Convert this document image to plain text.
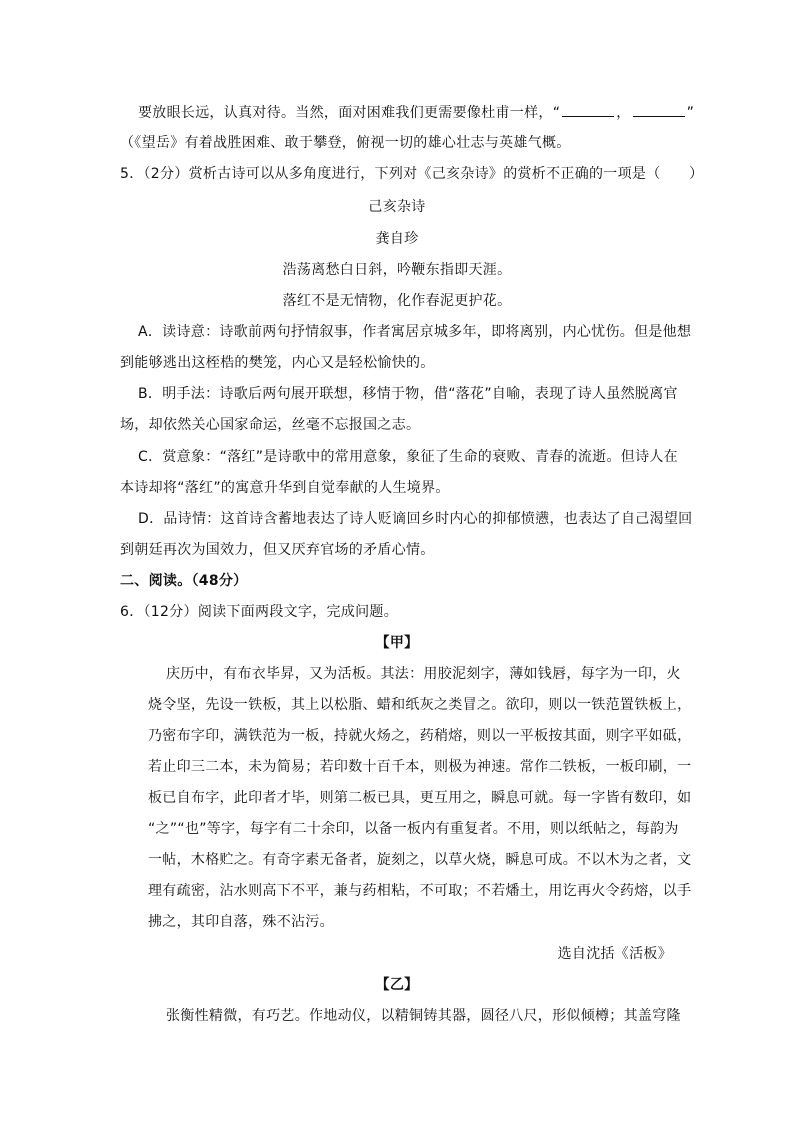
要放眼长远，认真对待。当然，面对困难我们更需要像杜甫一样，“	，	”
（《望岳》有着战胜困难、敢于攀登，俯视一切的雄心壮志与英雄气概。
5．（2分）赏析古诗可以从多角度进行，下列对《己亥杂诗》的赏析不正确的一项是（　　）
己亥杂诗
龚自珍
浩荡离愁白日斜，吟鞭东指即天涯。
落红不是无情物，化作春泥更护花。
A．读诗意：诗歌前两句抒情叙事，作者寓居京城多年，即将离别，内心忧伤。但是他想
到能够逃出这桎梏的樊笼，内心又是轻松愉快的。
B．明手法：诗歌后两句展开联想，移情于物，借“落花”自喻，表现了诗人虽然脱离官
场，却依然关心国家命运，丝毫不忘报国之志。
C．赏意象：“落红”是诗歌中的常用意象，象征了生命的衰败、青春的流逝。但诗人在
本诗却将“落红”的寓意升华到自觉奉献的人生境界。
D．品诗情：这首诗含蓄地表达了诗人贬谪回乡时内心的抑郁愤懑，也表达了自己渴望回
到朝廷再次为国效力，但又厌弃官场的矛盾心情。
二、阅读。（48分）
6．（12分）阅读下面两段文字，完成问题。
【甲】
庆历中，有布衣毕昇，又为活板。其法：用胶泥刻字，薄如钱唇，每字为一印，火
烧令坚，先设一铁板，其上以松脂、蜡和纸灰之类冒之。欲印，则以一铁范置铁板上，
乃密布字印，满铁范为一板，持就火炀之，药稍熔，则以一平板按其面，则字平如砥，
若止印三二本，未为简易；若印数十百千本，则极为神速。常作二铁板，一板印刷，一
板已自布字，此印者才毕，则第二板已具，更互用之，瞬息可就。每一字皆有数印，如
“之”“也”等字，每字有二十余印，以备一板内有重复者。不用，则以纸帖之，每韵为
一帖，木格贮之。有奇字素无备者，旋刻之，以草火烧，瞬息可成。不以木为之者，文
理有疏密，沾水则高下不平，兼与药相粘，不可取；不若燔土，用讫再火令药熔，以手
拂之，其印自落，殊不沾污。
选自沈括《活板》
【乙】
张衡性精微，有巧艺。作地动仪，以精铜铸其器，圆径八尺，形似倾樽；其盖穹隆
